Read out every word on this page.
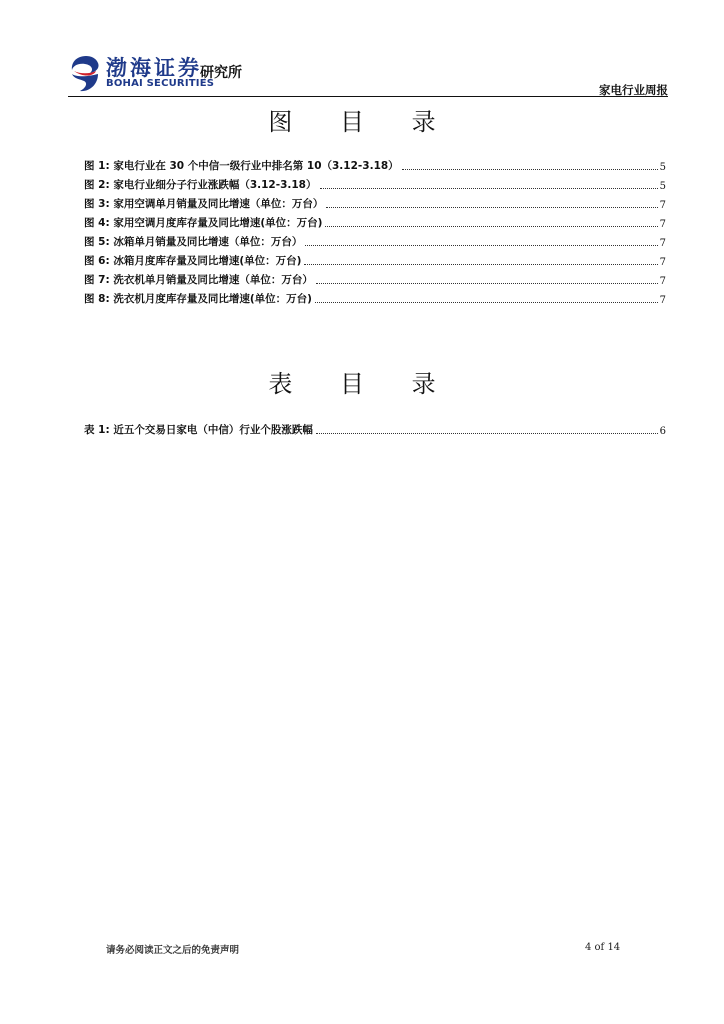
渤海证券
BOHAI SECURITIES
研究所
家电行业周报
图 目 录
图 1: 家电行业在 30 个中信一级行业中排名第 10（3.12-3.18）	5
图 2: 家电行业细分子行业涨跌幅（3.12-3.18）	5
图 3: 家用空调单月销量及同比增速（单位：万台）	7
图 4: 家用空调月度库存量及同比增速(单位：万台)	7
图 5: 冰箱单月销量及同比增速（单位：万台）	7
图 6: 冰箱月度库存量及同比增速(单位：万台)	7
图 7: 洗衣机单月销量及同比增速（单位：万台）	7
图 8: 洗衣机月度库存量及同比增速(单位：万台)	7
表 目 录
表 1: 近五个交易日家电（中信）行业个股涨跌幅	6
请务必阅读正文之后的免责声明	4 of 14
